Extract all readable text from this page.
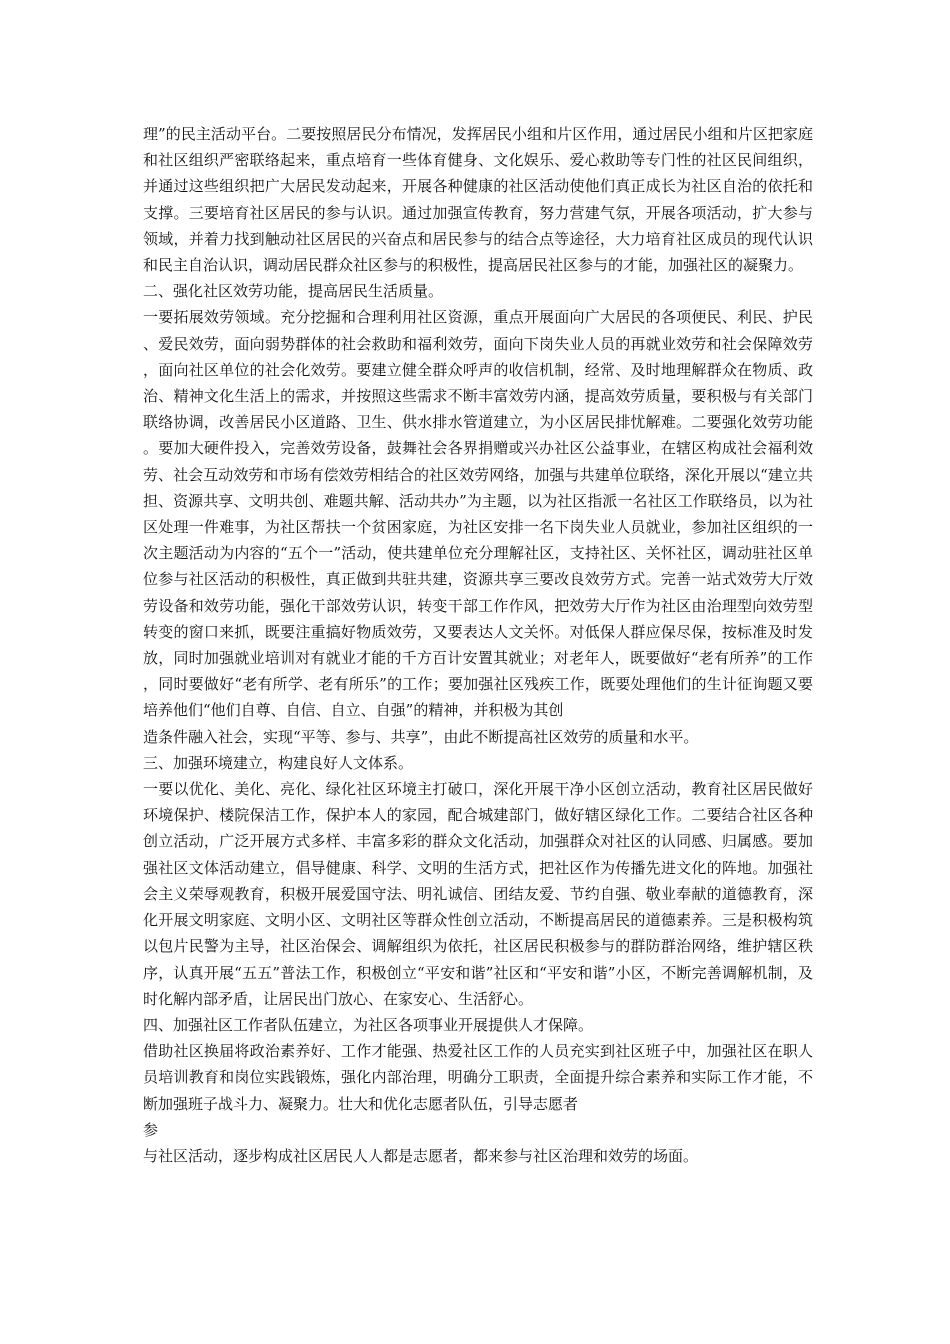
理”的民主活动平台。二要按照居民分布情况，发挥居民小组和片区作用，通过居民小组和片区把家庭和社区组织严密联络起来，重点培育一些体育健身、文化娱乐、爱心救助等专门性的社区民间组织，并通过这些组织把广大居民发动起来，开展各种健康的社区活动使他们真正成长为社区自治的依托和支撑。三要培育社区居民的参与认识。通过加强宣传教育，努力营建气氛，开展各项活动，扩大参与领域，并着力找到触动社区居民的兴奋点和居民参与的结合点等途径，大力培育社区成员的现代认识和民主自治认识，调动居民群众社区参与的积极性，提高居民社区参与的才能，加强社区的凝聚力。

二、强化社区效劳功能，提高居民生活质量。

一要拓展效劳领域。充分挖掘和合理利用社区资源，重点开展面向广大居民的各项便民、利民、护民、爱民效劳，面向弱势群体的社会救助和福利效劳，面向下岗失业人员的再就业效劳和社会保障效劳，面向社区单位的社会化效劳。要建立健全群众呼声的收信机制，经常、及时地理解群众在物质、政治、精神文化生活上的需求，并按照这些需求不断丰富效劳内涵，提高效劳质量，要积极与有关部门联络协调，改善居民小区道路、卫生、供水排水管道建立，为小区居民排忧解难。二要强化效劳功能。要加大硬件投入，完善效劳设备，鼓舞社会各界捐赠或兴办社区公益事业，在辖区构成社会福利效劳、社会互动效劳和市场有偿效劳相结合的社区效劳网络，加强与共建单位联络，深化开展以“建立共担、资源共享、文明共创、难题共解、活动共办”为主题，以为社区指派一名社区工作联络员，以为社区处理一件难事，为社区帮扶一个贫困家庭，为社区安排一名下岗失业人员就业，参加社区组织的一次主题活动为内容的“五个一”活动，使共建单位充分理解社区，支持社区、关怀社区，调动驻社区单位参与社区活动的积极性，真正做到共驻共建，资源共享三要改良效劳方式。完善一站式效劳大厅效劳设备和效劳功能，强化干部效劳认识，转变干部工作作风，把效劳大厅作为社区由治理型向效劳型转变的窗口来抓，既要注重搞好物质效劳，又要表达人文关怀。对低保人群应保尽保，按标准及时发放，同时加强就业培训对有就业才能的千方百计安置其就业；对老年人，既要做好“老有所养”的工作，同时要做好“老有所学、老有所乐”的工作；要加强社区残疾工作，既要处理他们的生计征询题又要培养他们“他们自尊、自信、自立、自强”的精神，并积极为其创

造条件融入社会，实现“平等、参与、共享”，由此不断提高社区效劳的质量和水平。

三、加强环境建立，构建良好人文体系。

一要以优化、美化、亮化、绿化社区环境主打破口，深化开展干净小区创立活动，教育社区居民做好环境保护、楼院保洁工作，保护本人的家园，配合城建部门，做好辖区绿化工作。二要结合社区各种创立活动，广泛开展方式多样、丰富多彩的群众文化活动，加强群众对社区的认同感、归属感。要加强社区文体活动建立，倡导健康、科学、文明的生活方式，把社区作为传播先进文化的阵地。加强社会主义荣辱观教育，积极开展爱国守法、明礼诚信、团结友爱、节约自强、敬业奉献的道德教育，深化开展文明家庭、文明小区、文明社区等群众性创立活动，不断提高居民的道德素养。三是积极构筑以包片民警为主导，社区治保会、调解组织为依托，社区居民积极参与的群防群治网络，维护辖区秩序，认真开展“五五”普法工作，积极创立“平安和谐”社区和“平安和谐”小区，不断完善调解机制，及时化解内部矛盾，让居民出门放心、在家安心、生活舒心。

四、加强社区工作者队伍建立，为社区各项事业开展提供人才保障。

借助社区换届将政治素养好、工作才能强、热爱社区工作的人员充实到社区班子中，加强社区在职人员培训教育和岗位实践锻炼，强化内部治理，明确分工职责，全面提升综合素养和实际工作才能，不断加强班子战斗力、凝聚力。壮大和优化志愿者队伍，引导志愿者

参

与社区活动，逐步构成社区居民人人都是志愿者，都来参与社区治理和效劳的场面。
